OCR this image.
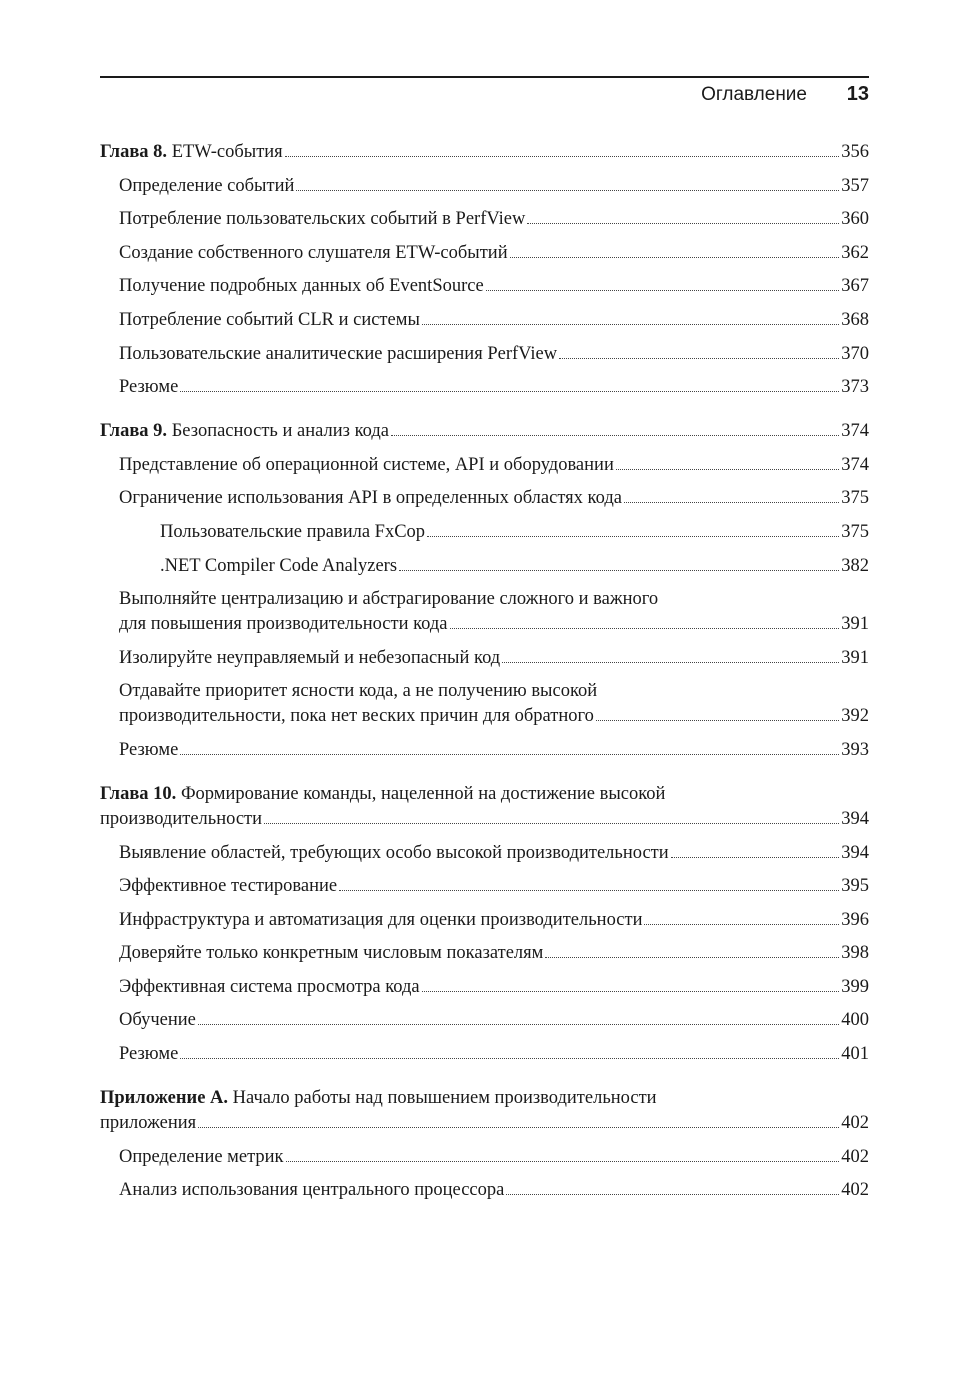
Оглавление 13
Глава 8. ETW-события	356
Определение событий	357
Потребление пользовательских событий в PerfView	360
Создание собственного слушателя ETW-событий	362
Получение подробных данных об EventSource	367
Потребление событий CLR и системы	368
Пользовательские аналитические расширения PerfView	370
Резюме	373
Глава 9. Безопасность и анализ кода	374
Представление об операционной системе, API и оборудовании	374
Ограничение использования API в определенных областях кода	375
Пользовательские правила FxCop	375
.NET Compiler Code Analyzers	382
Выполняйте централизацию и абстрагирование сложного и важного
для повышения производительности кода	391
Изолируйте неуправляемый и небезопасный код	391
Отдавайте приоритет ясности кода, а не получению высокой
производительности, пока нет веских причин для обратного	392
Резюме	393
Глава 10. Формирование команды, нацеленной на достижение высокой
производительности	394
Выявление областей, требующих особо высокой производительности	394
Эффективное тестирование	395
Инфраструктура и автоматизация для оценки производительности	396
Доверяйте только конкретным числовым показателям	398
Эффективная система просмотра кода	399
Обучение	400
Резюме	401
Приложение А. Начало работы над повышением производительности
приложения	402
Определение метрик	402
Анализ использования центрального процессора	402
